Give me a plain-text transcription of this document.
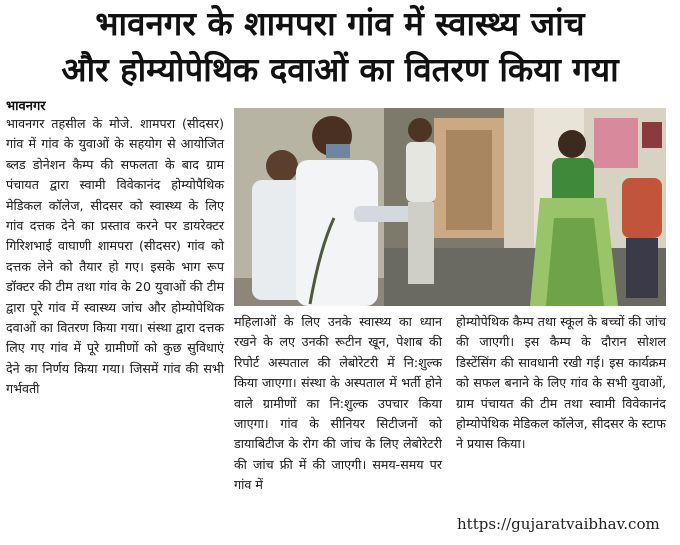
भावनगर के शामपरा गांव में स्वास्थ्य जांच
और होम्योपेथिक दवाओं का वितरण किया गया
भावनगर

भावनगर तहसील के मोजे. शामपरा (सीदसर) गांव में गांव के युवाओं के सहयोग से आयोजित ब्लड डोनेशन कैम्प की सफलता के बाद ग्राम पंचायत द्वारा स्वामी विवेकानंद होम्योपैथिक मेडिकल कॉलेज, सीदसर को स्वास्थ्य के लिए गांव दत्तक देने का प्रस्ताव करने पर डायरेक्टर गिरिशभाई वाघाणी शामपरा (सीदसर) गांव को दत्तक लेने को तैयार हो गए। इसके भाग रूप डॉक्टर की टीम तथा गांव के 20 युवाओं की टीम द्वारा पूरे गांव में स्वास्थ्य जांच और होम्योपेथिक दवाओं का वितरण किया गया। संस्था द्वारा दत्तक लिए गए गांव में पूरे ग्रामीणों को कुछ सुविधाएं देने का निर्णय किया गया। जिसमें गांव की सभी गर्भवती

महिलाओं के लिए उनके स्वास्थ्य का ध्यान रखने के लए उनकी रूटीन खून, पेशाब की रिपोर्ट अस्पताल की लेबोरेटरी में नि:शुल्क किया जाएगा। संस्था के अस्पताल में भर्ती होने वाले ग्रामीणों का नि:शुल्क उपचार किया जाएगा। गांव के सीनियर सिटीजनों को डायाबिटीज के रोग की जांच के लिए लेबोरेटरी की जांच फ्री में की जाएगी। समय-समय पर गांव में

होम्योपेथिक कैम्प तथा स्कूल के बच्चों की जांच की जाएगी। इस कैम्प के दौरान सोशल डिस्टेंसिंग की सावधानी रखी गई। इस कार्यक्रम को सफल बनाने के लिए गांव के सभी युवाओं, ग्राम पंचायत की टीम तथा स्वामी विवेकानंद होम्योपेथिक मेडिकल कॉलेज, सीदसर के स्टाफ ने प्रयास किया।

https://gujaratvaibhav.com
